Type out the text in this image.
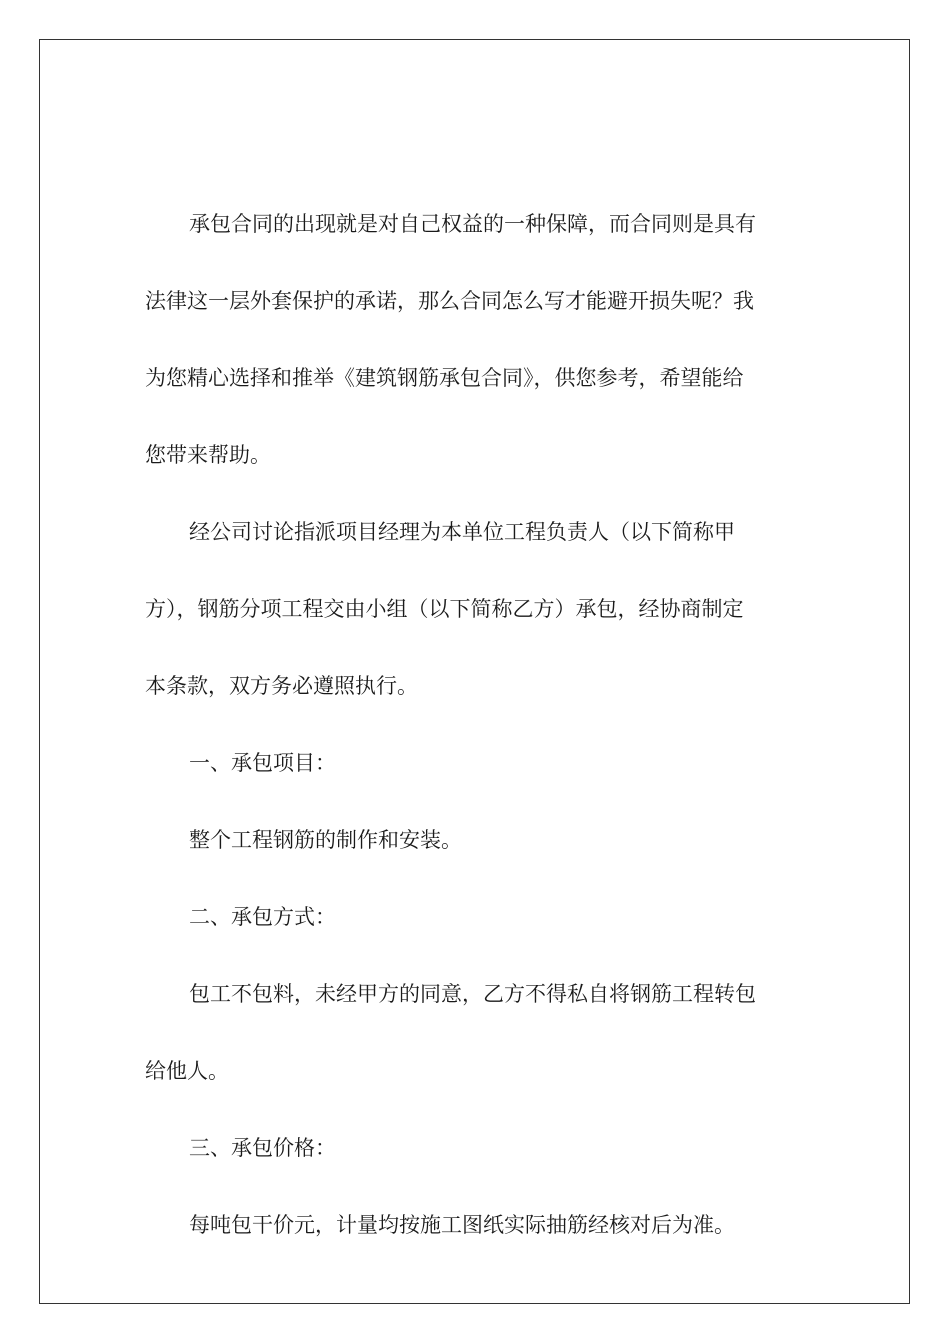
承包合同的出现就是对自己权益的一种保障，而合同则是具有
法律这一层外套保护的承诺，那么合同怎么写才能避开损失呢？我
为您精心选择和推举《建筑钢筋承包合同》，供您参考，希望能给
您带来帮助。
经公司讨论指派项目经理为本单位工程负责人（以下简称甲
方），钢筋分项工程交由小组（以下简称乙方）承包，经协商制定
本条款，双方务必遵照执行。
一、承包项目：
整个工程钢筋的制作和安装。
二、承包方式：
包工不包料，未经甲方的同意，乙方不得私自将钢筋工程转包
给他人。
三、承包价格：
每吨包干价元，计量均按施工图纸实际抽筋经核对后为准。
